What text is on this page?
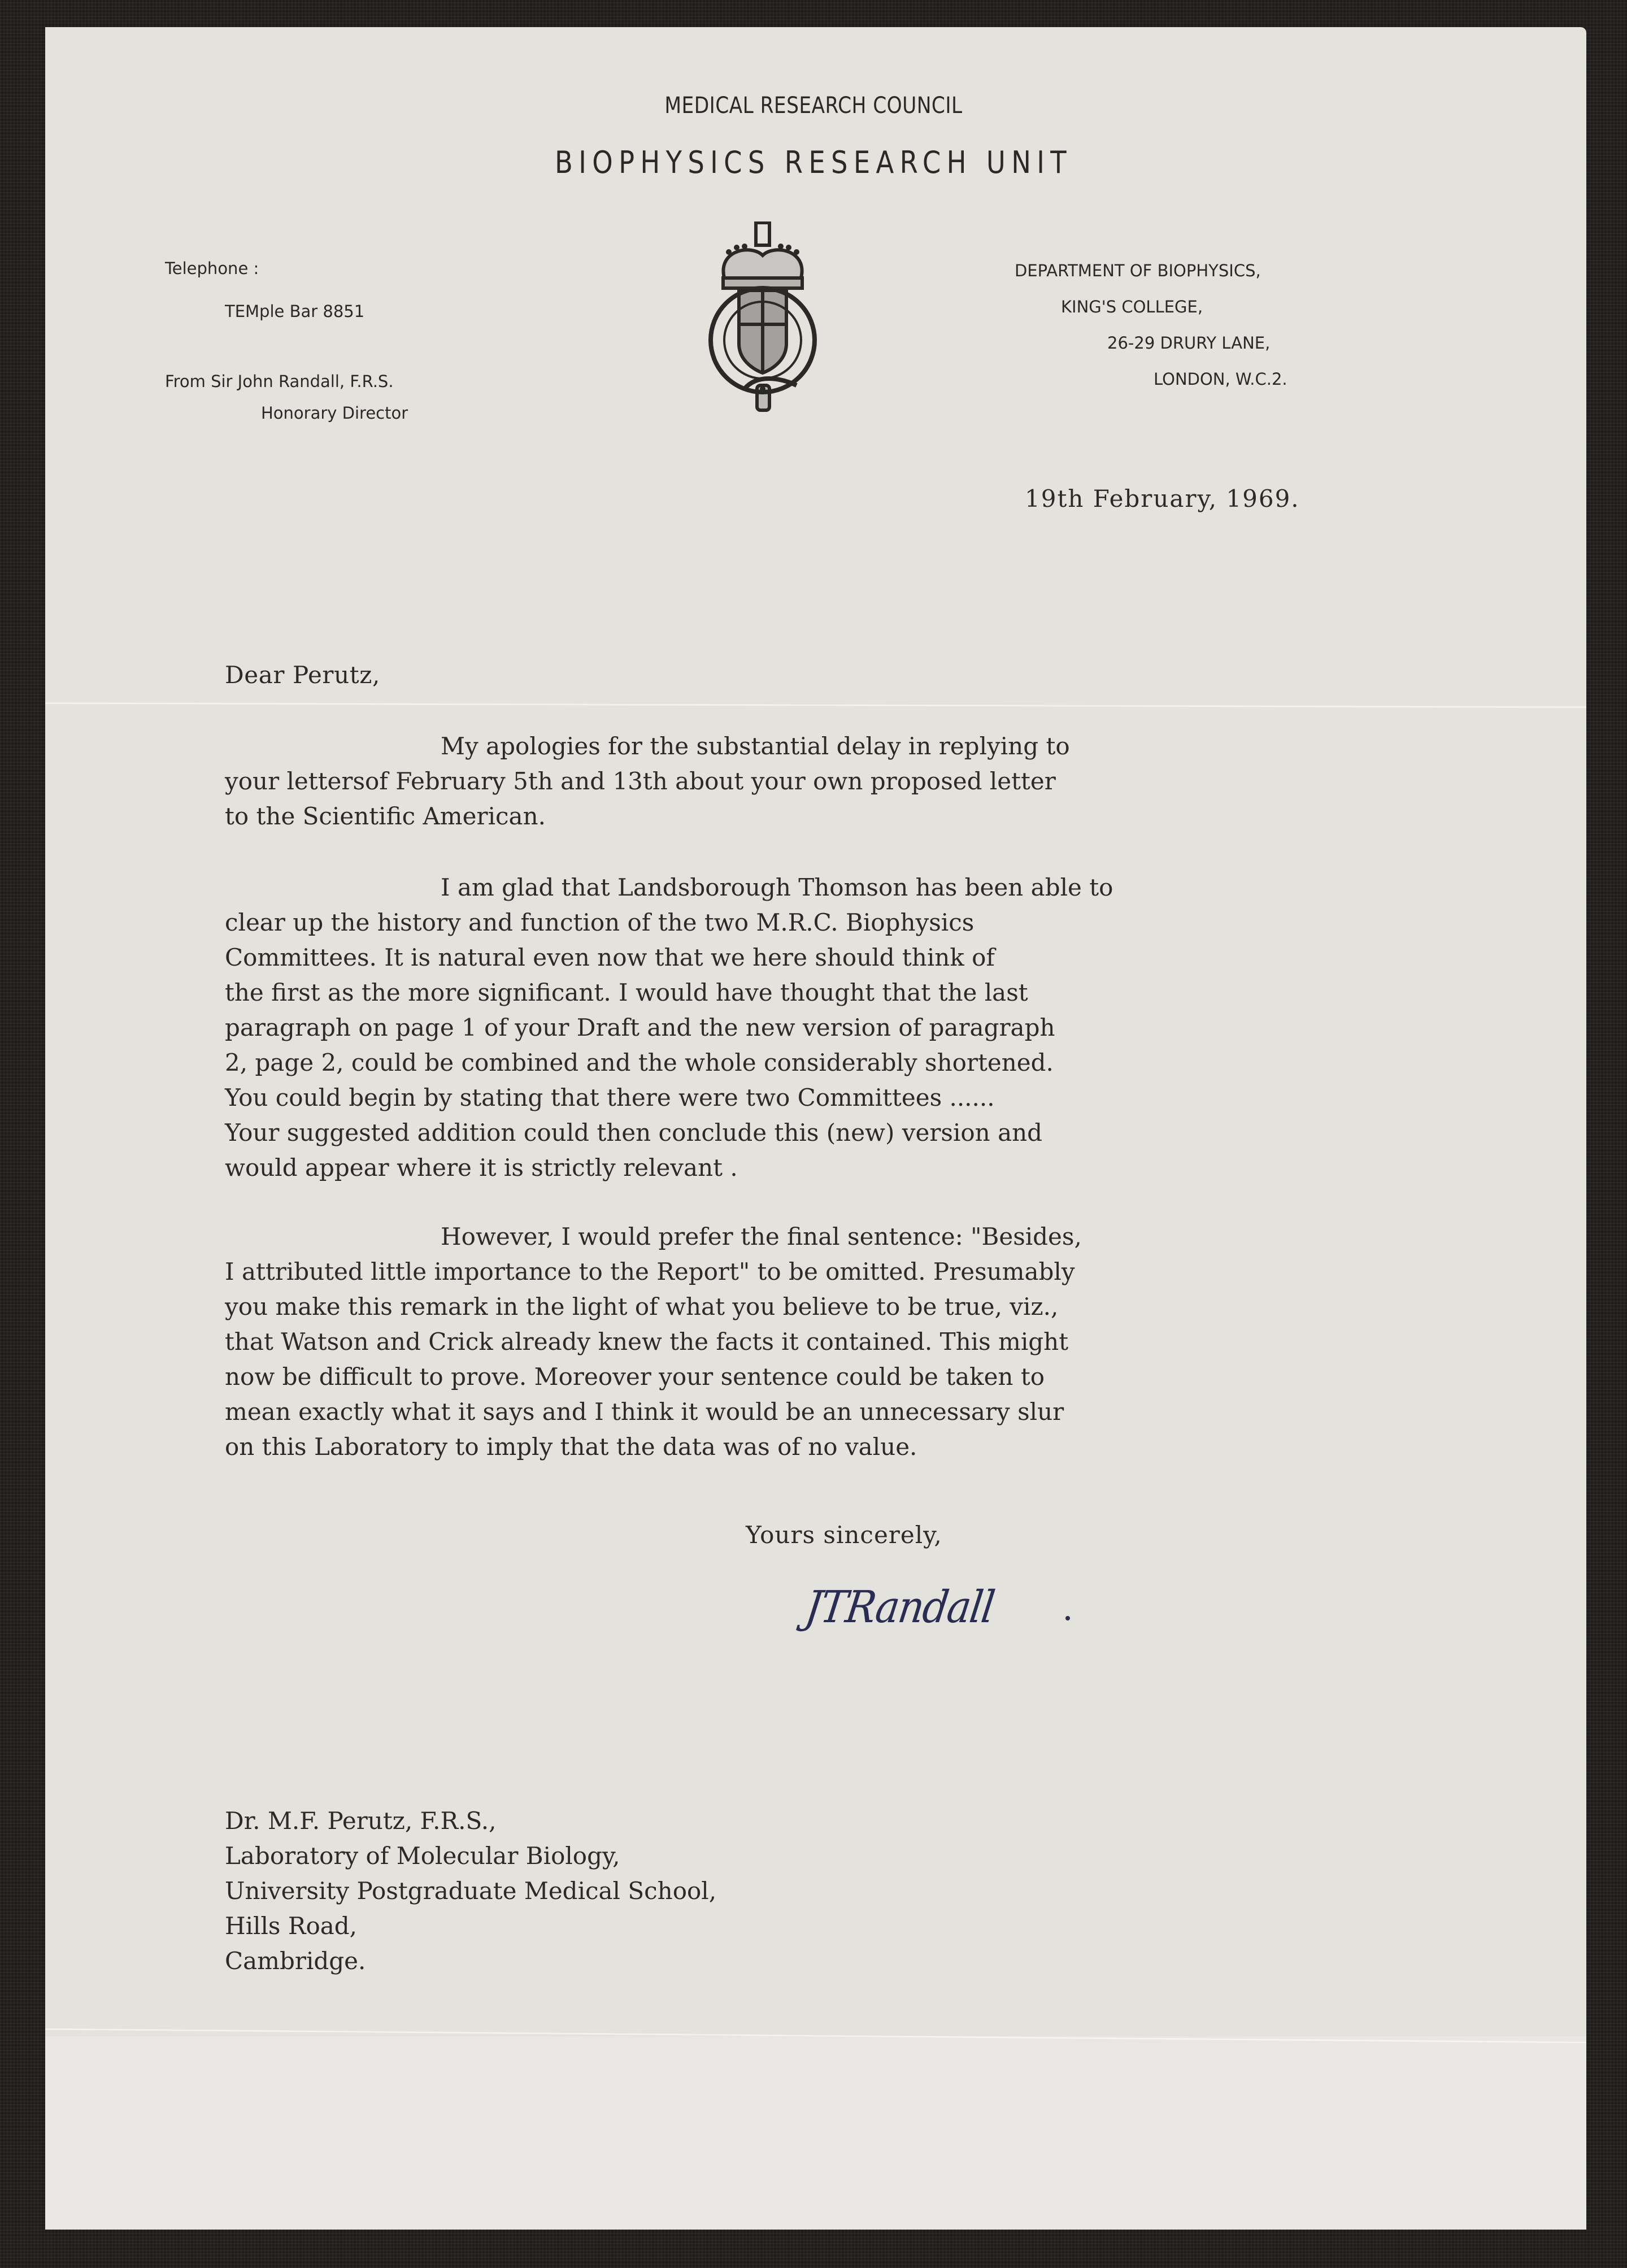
MEDICAL RESEARCH COUNCIL
BIOPHYSICS RESEARCH UNIT
Telephone :
TEMple Bar 8851
From Sir John Randall, F.R.S.
Honorary Director
DEPARTMENT OF BIOPHYSICS,
KING'S COLLEGE,
26-29 DRURY LANE,
LONDON, W.C.2.
19th February, 1969.
Dear Perutz,
My apologies for the substantial delay in replying to
your lettersof February 5th and 13th about your own proposed letter
to the Scientific American.
I am glad that Landsborough Thomson has been able to
clear up the history and function of the two M.R.C. Biophysics
Committees. It is natural even now that we here should think of
the first as the more significant. I would have thought that the last
paragraph on page 1 of your Draft and the new version of paragraph
2, page 2, could be combined and the whole considerably shortened.
You could begin by stating that there were two Committees ......
Your suggested addition could then conclude this (new) version and
would appear where it is strictly relevant .
However, I would prefer the final sentence: "Besides,
I attributed little importance to the Report" to be omitted. Presumably
you make this remark in the light of what you believe to be true, viz.,
that Watson and Crick already knew the facts it contained. This might
now be difficult to prove. Moreover your sentence could be taken to
mean exactly what it says and I think it would be an unnecessary slur
on this Laboratory to imply that the data was of no value.
Yours sincerely,
JTRandall
Dr. M.F. Perutz, F.R.S.,
Laboratory of Molecular Biology,
University Postgraduate Medical School,
Hills Road,
Cambridge.
